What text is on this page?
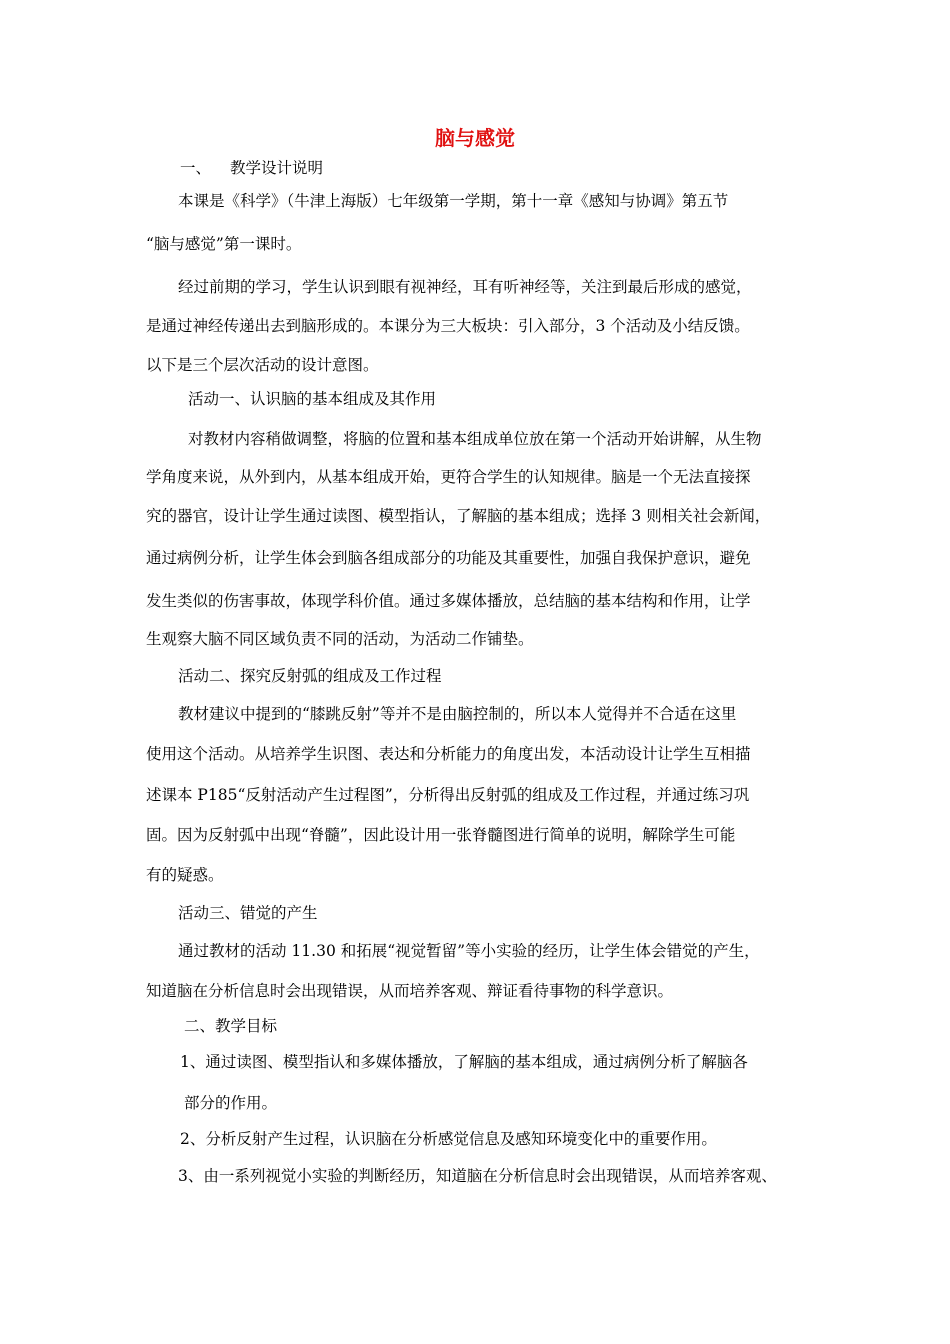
脑与感觉
一、 教学设计说明
本课是《科学》（牛津上海版）七年级第一学期，第十一章《感知与协调》第五节
“脑与感觉”第一课时。
经过前期的学习，学生认识到眼有视神经，耳有听神经等，关注到最后形成的感觉，
是通过神经传递出去到脑形成的。本课分为三大板块：引入部分，3 个活动及小结反馈。
以下是三个层次活动的设计意图。
活动一、认识脑的基本组成及其作用
对教材内容稍做调整，将脑的位置和基本组成单位放在第一个活动开始讲解，从生物
学角度来说，从外到内，从基本组成开始，更符合学生的认知规律。脑是一个无法直接探
究的器官，设计让学生通过读图、模型指认，了解脑的基本组成；选择 3 则相关社会新闻，
通过病例分析，让学生体会到脑各组成部分的功能及其重要性，加强自我保护意识，避免
发生类似的伤害事故，体现学科价值。通过多媒体播放，总结脑的基本结构和作用，让学
生观察大脑不同区域负责不同的活动，为活动二作铺垫。
活动二、探究反射弧的组成及工作过程
教材建议中提到的“膝跳反射”等并不是由脑控制的，所以本人觉得并不合适在这里
使用这个活动。从培养学生识图、表达和分析能力的角度出发，本活动设计让学生互相描
述课本 P185“反射活动产生过程图”，分析得出反射弧的组成及工作过程，并通过练习巩
固。因为反射弧中出现“脊髓”，因此设计用一张脊髓图进行简单的说明，解除学生可能
有的疑惑。
活动三、错觉的产生
通过教材的活动 11.30 和拓展“视觉暂留”等小实验的经历，让学生体会错觉的产生，
知道脑在分析信息时会出现错误，从而培养客观、辩证看待事物的科学意识。
二、教学目标
1、通过读图、模型指认和多媒体播放，了解脑的基本组成，通过病例分析了解脑各
部分的作用。
2、分析反射产生过程，认识脑在分析感觉信息及感知环境变化中的重要作用。
3、由一系列视觉小实验的判断经历，知道脑在分析信息时会出现错误，从而培养客观、
